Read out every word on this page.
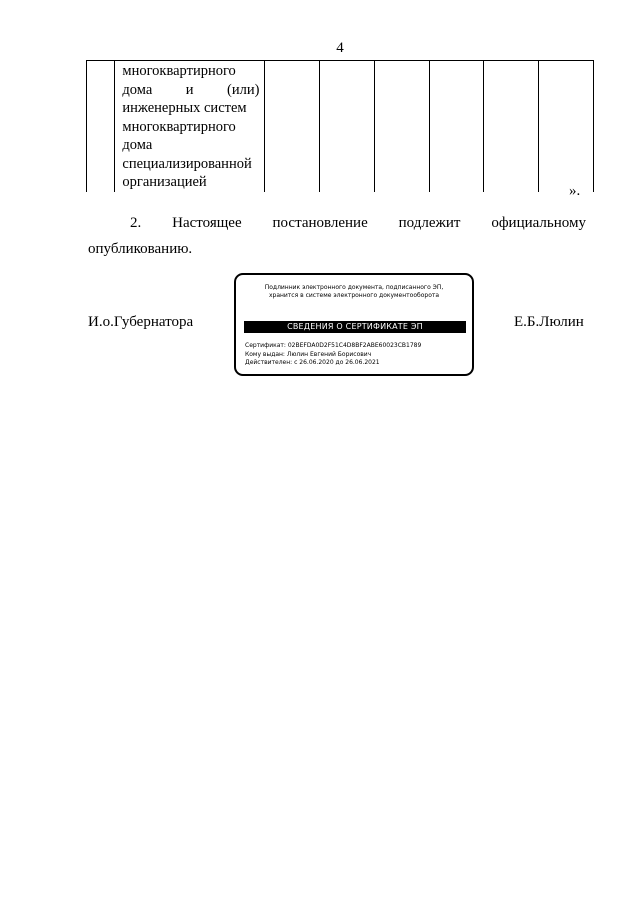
4

многоквартирного
дома и (или)
инженерных систем
многоквартирного
дома
специализированной
организацией

».
2. Настоящее постановление подлежит официальному
опубликованию.
И.о.Губернатора	Е.Б.Люлин
Подлинник электронного документа, подписанного ЭП,
хранится в системе электронного документооборота
СВЕДЕНИЯ О СЕРТИФИКАТЕ ЭП
Сертификат: 02BEFDA0D2F51C4D8BF2ABE60023CB1789
Кому выдан: Люлин Евгений Борисович
Действителен: с 26.06.2020 до 26.06.2021
